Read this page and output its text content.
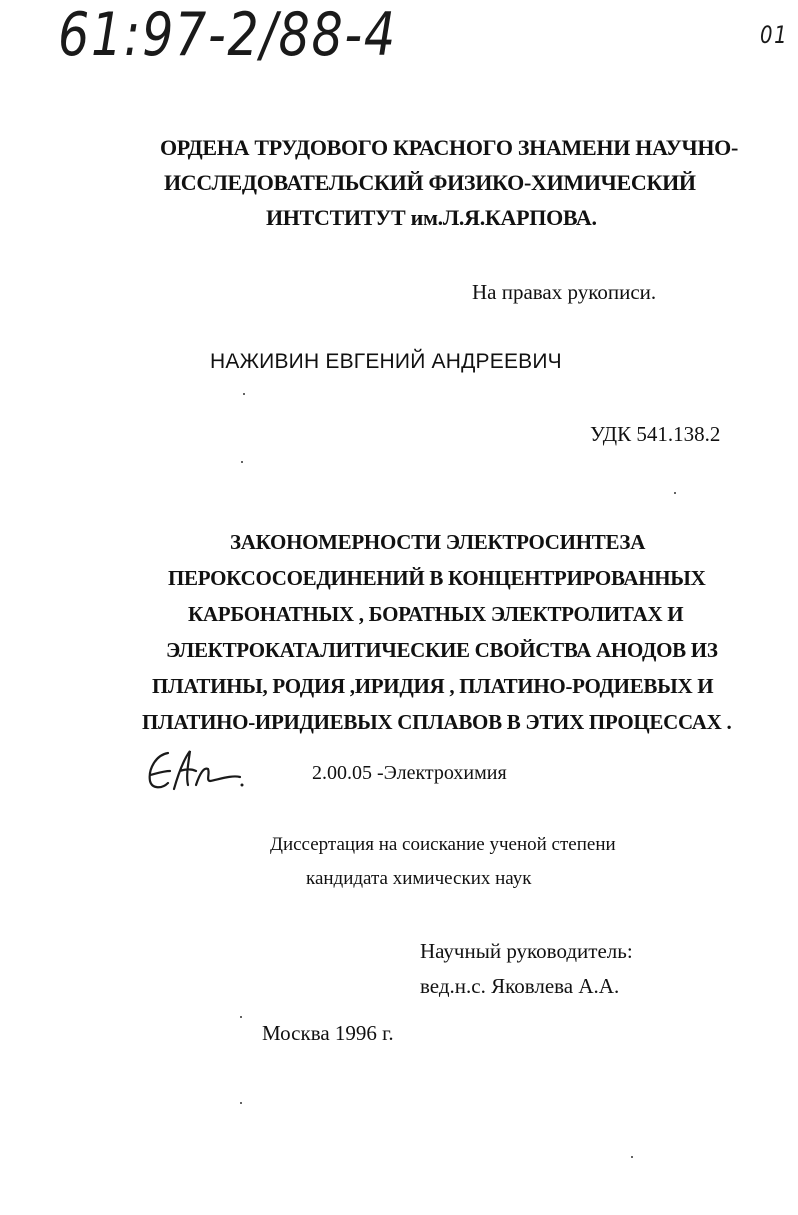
61:97-2/88-4	01
ОРДЕНА ТРУДОВОГО КРАСНОГО ЗНАМЕНИ НАУЧНО-
ИССЛЕДОВАТЕЛЬСКИЙ ФИЗИКО-ХИМИЧЕСКИЙ
ИНТСТИТУТ им.Л.Я.КАРПОВА.
На правах рукописи.
НАЖИВИН ЕВГЕНИЙ АНДРЕЕВИЧ
УДК 541.138.2
ЗАКОНОМЕРНОСТИ ЭЛЕКТРОСИНТЕЗА
ПЕРОКСОСОЕДИНЕНИЙ В КОНЦЕНТРИРОВАННЫХ
КАРБОНАТНЫХ , БОРАТНЫХ ЭЛЕКТРОЛИТАХ И
ЭЛЕКТРОКАТАЛИТИЧЕСКИЕ СВОЙСТВА АНОДОВ ИЗ
ПЛАТИНЫ, РОДИЯ ,ИРИДИЯ , ПЛАТИНО-РОДИЕВЫХ И
ПЛАТИНО-ИРИДИЕВЫХ СПЛАВОВ В ЭТИХ ПРОЦЕССАХ .
2.00.05 -Электрохимия
Диссертация на соискание ученой степени
кандидата химических наук
Научный руководитель:
вед.н.с. Яковлева А.А.
Москва 1996 г.
